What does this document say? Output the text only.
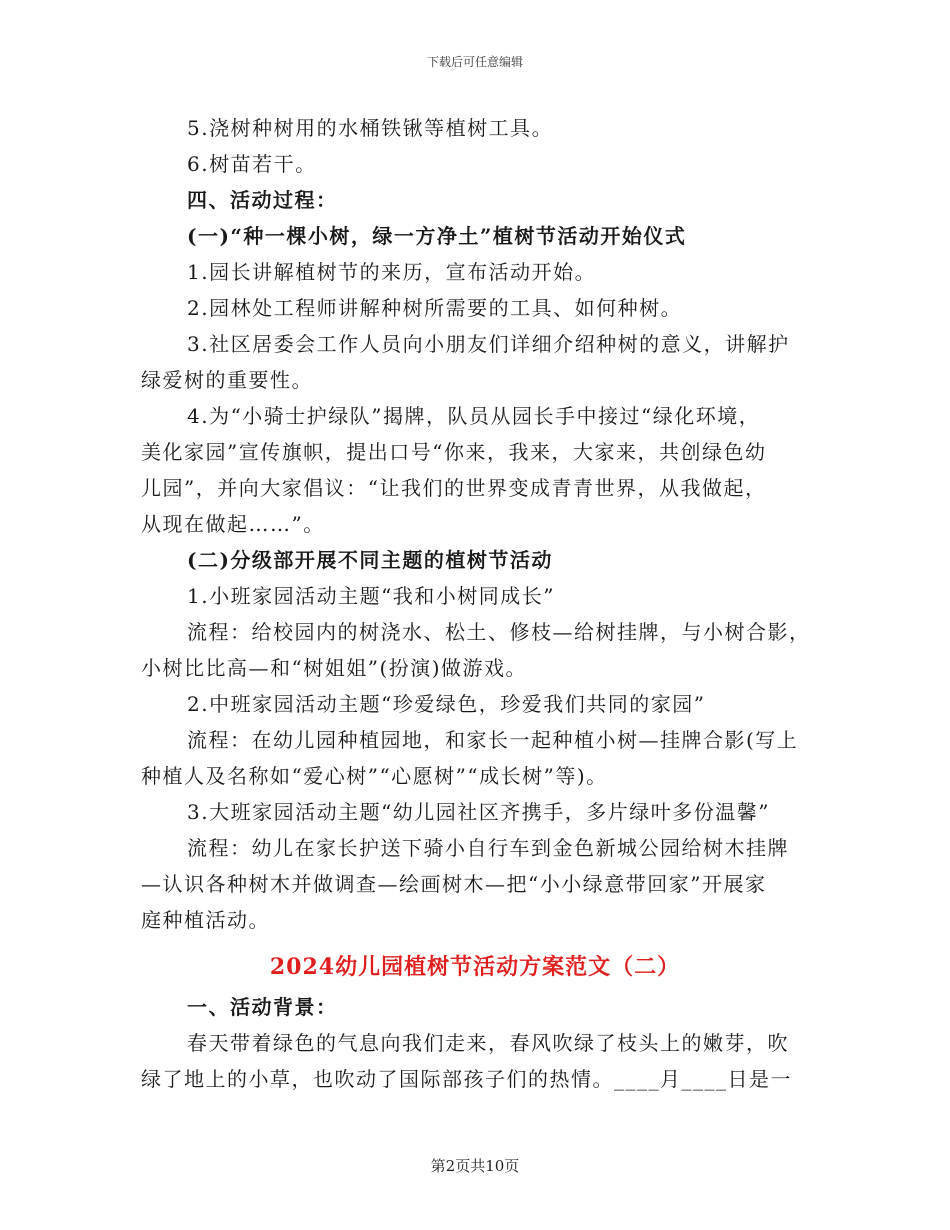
下载后可任意编辑
5.浇树种树用的水桶铁锹等植树工具。
6.树苗若干。
四、活动过程：
(一)“种一棵小树，绿一方净土”植树节活动开始仪式
1.园长讲解植树节的来历，宣布活动开始。
2.园林处工程师讲解种树所需要的工具、如何种树。
3.社区居委会工作人员向小朋友们详细介绍种树的意义，讲解护
绿爱树的重要性。
4.为“小骑士护绿队”揭牌，队员从园长手中接过“绿化环境，
美化家园”宣传旗帜，提出口号“你来，我来，大家来，共创绿色幼
儿园”，并向大家倡议：“让我们的世界变成青青世界，从我做起，
从现在做起……”。
(二)分级部开展不同主题的植树节活动
1.小班家园活动主题“我和小树同成长”
流程：给校园内的树浇水、松土、修枝—给树挂牌，与小树合影，
小树比比高—和“树姐姐”(扮演)做游戏。
2.中班家园活动主题“珍爱绿色，珍爱我们共同的家园”
流程：在幼儿园种植园地，和家长一起种植小树—挂牌合影(写上
种植人及名称如“爱心树”“心愿树”“成长树”等)。
3.大班家园活动主题“幼儿园社区齐携手，多片绿叶多份温馨”
流程：幼儿在家长护送下骑小自行车到金色新城公园给树木挂牌
—认识各种树木并做调查—绘画树木—把“小小绿意带回家”开展家
庭种植活动。
2024幼儿园植树节活动方案范文（二）
一、活动背景：
春天带着绿色的气息向我们走来，春风吹绿了枝头上的嫩芽，吹
绿了地上的小草，也吹动了国际部孩子们的热情。____月____日是一
第2页共10页
